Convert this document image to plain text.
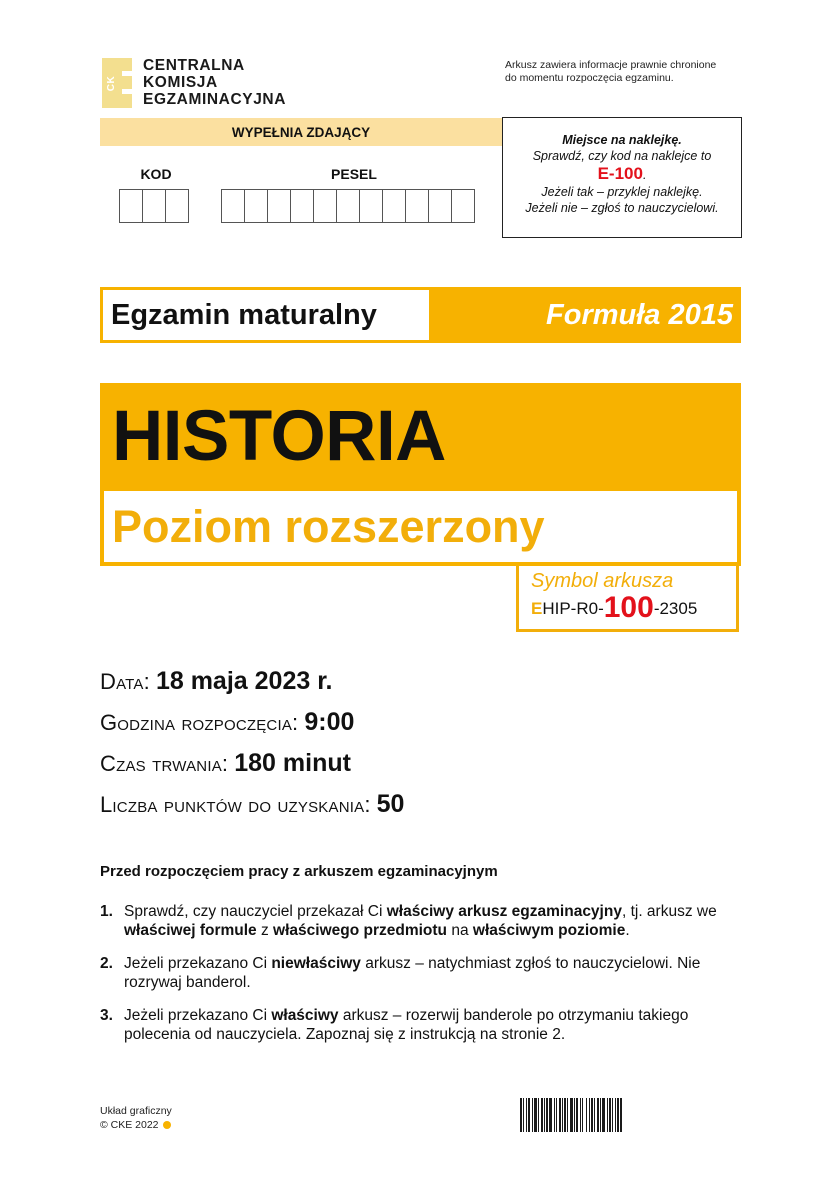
CK
CENTRALNA
KOMISJA
EGZAMINACYJNA
Arkusz zawiera informacje prawnie chronione
do momentu rozpoczęcia egzaminu.
WYPEŁNIA ZDAJĄCY
KOD	PESEL
Miejsce na naklejkę.
Sprawdź, czy kod na naklejce to
E-100.
Jeżeli tak – przyklej naklejkę.
Jeżeli nie – zgłoś to nauczycielowi.
Egzamin maturalny	Formuła 2015
HISTORIA
Poziom rozszerzony
Symbol arkusza
EHIP-R0-100-2305
Data: 18 maja 2023 r.
Godzina rozpoczęcia: 9:00
Czas trwania: 180 minut
Liczba punktów do uzyskania: 50
Przed rozpoczęciem pracy z arkuszem egzaminacyjnym
1. Sprawdź, czy nauczyciel przekazał Ci właściwy arkusz egzaminacyjny, tj. arkusz we właściwej formule z właściwego przedmiotu na właściwym poziomie.
2. Jeżeli przekazano Ci niewłaściwy arkusz – natychmiast zgłoś to nauczycielowi. Nie rozrywaj banderol.
3. Jeżeli przekazano Ci właściwy arkusz – rozerwij banderole po otrzymaniu takiego polecenia od nauczyciela. Zapoznaj się z instrukcją na stronie 2.
Układ graficzny
© CKE 2022
